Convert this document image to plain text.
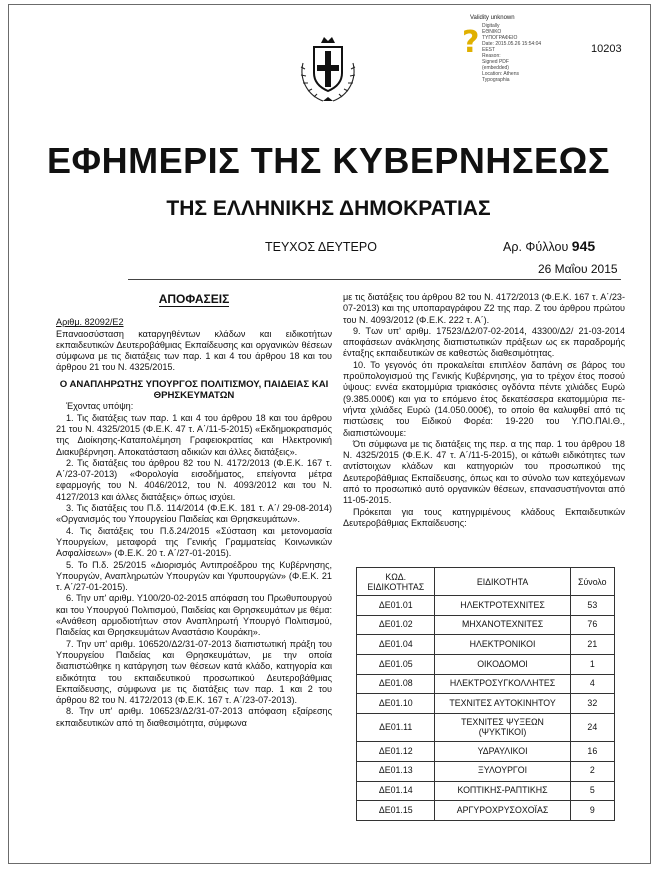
?
Validity unknown
Digitally
ΕΘΝΙΚΟ
ΤΥΠΟΓΡΑΦΕΙΟ
Date: 2015.05.26 15:54:04
EEST
Reason:
Signed PDF
(embedded)
Location: Athens
Typographia
10203
ΕΦΗΜΕΡΙΣ ΤΗΣ ΚΥΒΕΡΝΗΣΕΩΣ
ΤΗΣ ΕΛΛΗΝΙΚΗΣ ΔΗΜΟΚΡΑΤΙΑΣ
ΤΕΥΧΟΣ ΔΕΥΤΕΡΟ	Αρ. Φύλλου 945
26 Μαΐου 2015
ΑΠΟΦΑΣΕΙΣ

Αριθμ. 82092/Ε2

Επαναοσύσταση καταργηθέντων κλάδων και ειδικοτήτων εκπαιδευτικών Δευτεροβάθμιας Εκπαίδευσης και οργανικών θέσεων σύμφωνα με τις διατάξεις των παρ. 1 και 4 του άρθρου 18 και του άρθρου 21 του Ν. 4325/2015.

Ο ΑΝΑΠΛΗΡΩΤΗΣ ΥΠΟΥΡΓΟΣ ΠΟΛΙΤΙΣΜΟΥ, ΠΑΙΔΕΙΑΣ ΚΑΙ ΘΡΗΣΚΕΥΜΑΤΩΝ

Έχοντας υπόψη:

1. Τις διατάξεις των παρ. 1 και 4 του άρθρου 18 και του άρθρου 21 του Ν. 4325/2015 (Φ.Ε.Κ. 47 τ. Α΄/11-5-2015) «Εκδημοκρατισμός της Διοίκησης-Καταπολέμηση Γραφειοκρατίας και Ηλεκτρονική Διακυβέρνηση. Αποκατάσταση αδικιών και άλλες διατάξεις».

2. Τις διατάξεις του άρθρου 82 του Ν. 4172/2013 (Φ.Ε.Κ. 167 τ. Α΄/23-07-2013) «Φορολογία εισοδήματος, επείγοντα μέτρα εφαρμογής του Ν. 4046/2012, του Ν. 4093/2012 και του Ν. 4127/2013 και άλλες διατάξεις» όπως ισχύει.

3. Τις διατάξεις του Π.δ. 114/2014 (Φ.Ε.Κ. 181 τ. Α΄/ 29-08-2014) «Οργανισμός του Υπουργείου Παιδείας και Θρησκευμάτων».

4. Τις διατάξεις του Π.δ.24/2015 «Σύσταση και μετονομασία Υπουργείων, μεταφορά της Γενικής Γραμματείας Κοινωνικών Ασφαλίσεων» (Φ.Ε.Κ. 20 τ. Α΄/27-01-2015).

5. Το Π.δ. 25/2015 «Διορισμός Αντιπροέδρου της Κυβέρνησης, Υπουργών, Αναπληρωτών Υπουργών και Υφυπουργών» (Φ.Ε.Κ. 21 τ. Α΄/27-01-2015).

6. Την υπ' αριθμ. Υ100/20-02-2015 απόφαση του Πρωθυπουργού και του Υπουργού Πολιτισμού, Παιδείας και Θρησκευμάτων με θέμα: «Ανάθεση αρμοδιοτήτων στον Αναπληρωτή Υπουργό Πολιτισμού, Παιδείας και Θρησκευμάτων Αναστάσιο Κουράκη».

7. Την υπ' αριθμ. 106520/Δ2/31-07-2013 διαπιστωτική πράξη του Υπουργείου Παιδείας και Θρησκευμάτων, με την οποία διαπιστώθηκε η κατάργηση των θέσεων κατά κλάδο, κατηγορία και ειδικότητα του εκπαιδευτικού προσωπικού Δευτεροβάθμιας Εκπαίδευσης, σύμφωνα με τις διατάξεις των παρ. 1 και 2 του άρθρου 82 του Ν. 4172/2013 (Φ.Ε.Κ. 167 τ. Α΄/23-07-2013).

8. Την υπ' αριθμ. 106523/Δ2/31-07-2013 απόφαση εξαίρεσης εκπαιδευτικών από τη διαθεσιμότητα, σύμφωνα

με τις διατάξεις του άρθρου 82 του Ν. 4172/2013 (Φ.Ε.Κ. 167 τ. Α΄/23-07-2013) και της υποπαραγράφου Ζ2 της παρ. Ζ του άρθρου πρώτου του Ν. 4093/2012 (Φ.Ε.Κ. 222 τ. Α΄).

9. Των υπ' αριθμ. 17523/Δ2/07-02-2014, 43300/Δ2/ 21-03-2014 αποφάσεων ανάκλησης διαπιστωτικών πράξεων ως εκ παραδρομής ένταξης εκπαιδευτικών σε καθεστώς διαθεσιμότητας.

10. Το γεγονός ότι προκαλείται επιπλέον δαπάνη σε βάρος του προϋπολογισμού της Γενικής Κυβέρνησης, για το τρέχον έτος ποσού ύψους: εννέα εκατομμύρια τριακόσιες ογδόντα πέντε χιλιάδες Ευρώ (9.385.000€) και για το επόμενο έτος δεκατέσσερα εκατομμύρια πενήντα χιλιάδες Ευρώ (14.050.000€), το οποίο θα καλυφθεί από τις πιστώσεις του Ειδικού Φορέα: 19-220 του Υ.ΠΟ.ΠΑΙ.Θ., διαπιστώνουμε:

Ότι σύμφωνα με τις διατάξεις της περ. α της παρ. 1 του άρθρου 18 Ν. 4325/2015 (Φ.Ε.Κ. 47 τ. Α΄/11-5-2015), οι κάτωθι ειδικότητες των αντίστοιχων κλάδων και κατηγοριών του προσωπικού της Δευτεροβάθμιας Εκπαίδευσης, όπως και το σύνολο των κατεχόμενων από το προσωπικό αυτό οργανικών θέσεων, επανασυστήνονται από 11-05-2015.

Πρόκειται για τους κατηγριμένους κλάδους Εκπαιδευτικών Δευτεροβάθμιας Εκπαίδευσης:

ΚΩΔ. ΕΙΔΙΚΟΤΗΤΑΣ	ΕΙΔΙΚΟΤΗΤΑ	Σύνολο
ΔΕ01.01	ΗΛΕΚΤΡΟΤΕΧΝΙΤΕΣ	53
ΔΕ01.02	ΜΗΧΑΝΟΤΕΧΝΙΤΕΣ	76
ΔΕ01.04	ΗΛΕΚΤΡΟΝΙΚΟΙ	21
ΔΕ01.05	ΟΙΚΟΔΟΜΟΙ	1
ΔΕ01.08	ΗΛΕΚΤΡΟΣΥΓΚΟΛΛΗΤΕΣ	4
ΔΕ01.10	ΤΕΧΝΙΤΕΣ ΑΥΤΟΚΙΝΗΤΟΥ	32
ΔΕ01.11	ΤΕΧΝΙΤΕΣ ΨΥΞΕΩΝ (ΨΥΚΤΙΚΟΙ)	24
ΔΕ01.12	ΥΔΡΑΥΛΙΚΟΙ	16
ΔΕ01.13	ΞΥΛΟΥΡΓΟΙ	2
ΔΕ01.14	ΚΟΠΤΙΚΗΣ-ΡΑΠΤΙΚΗΣ	5
ΔΕ01.15	ΑΡΓΥΡΟΧΡΥΣΟΧΟΪΑΣ	9
